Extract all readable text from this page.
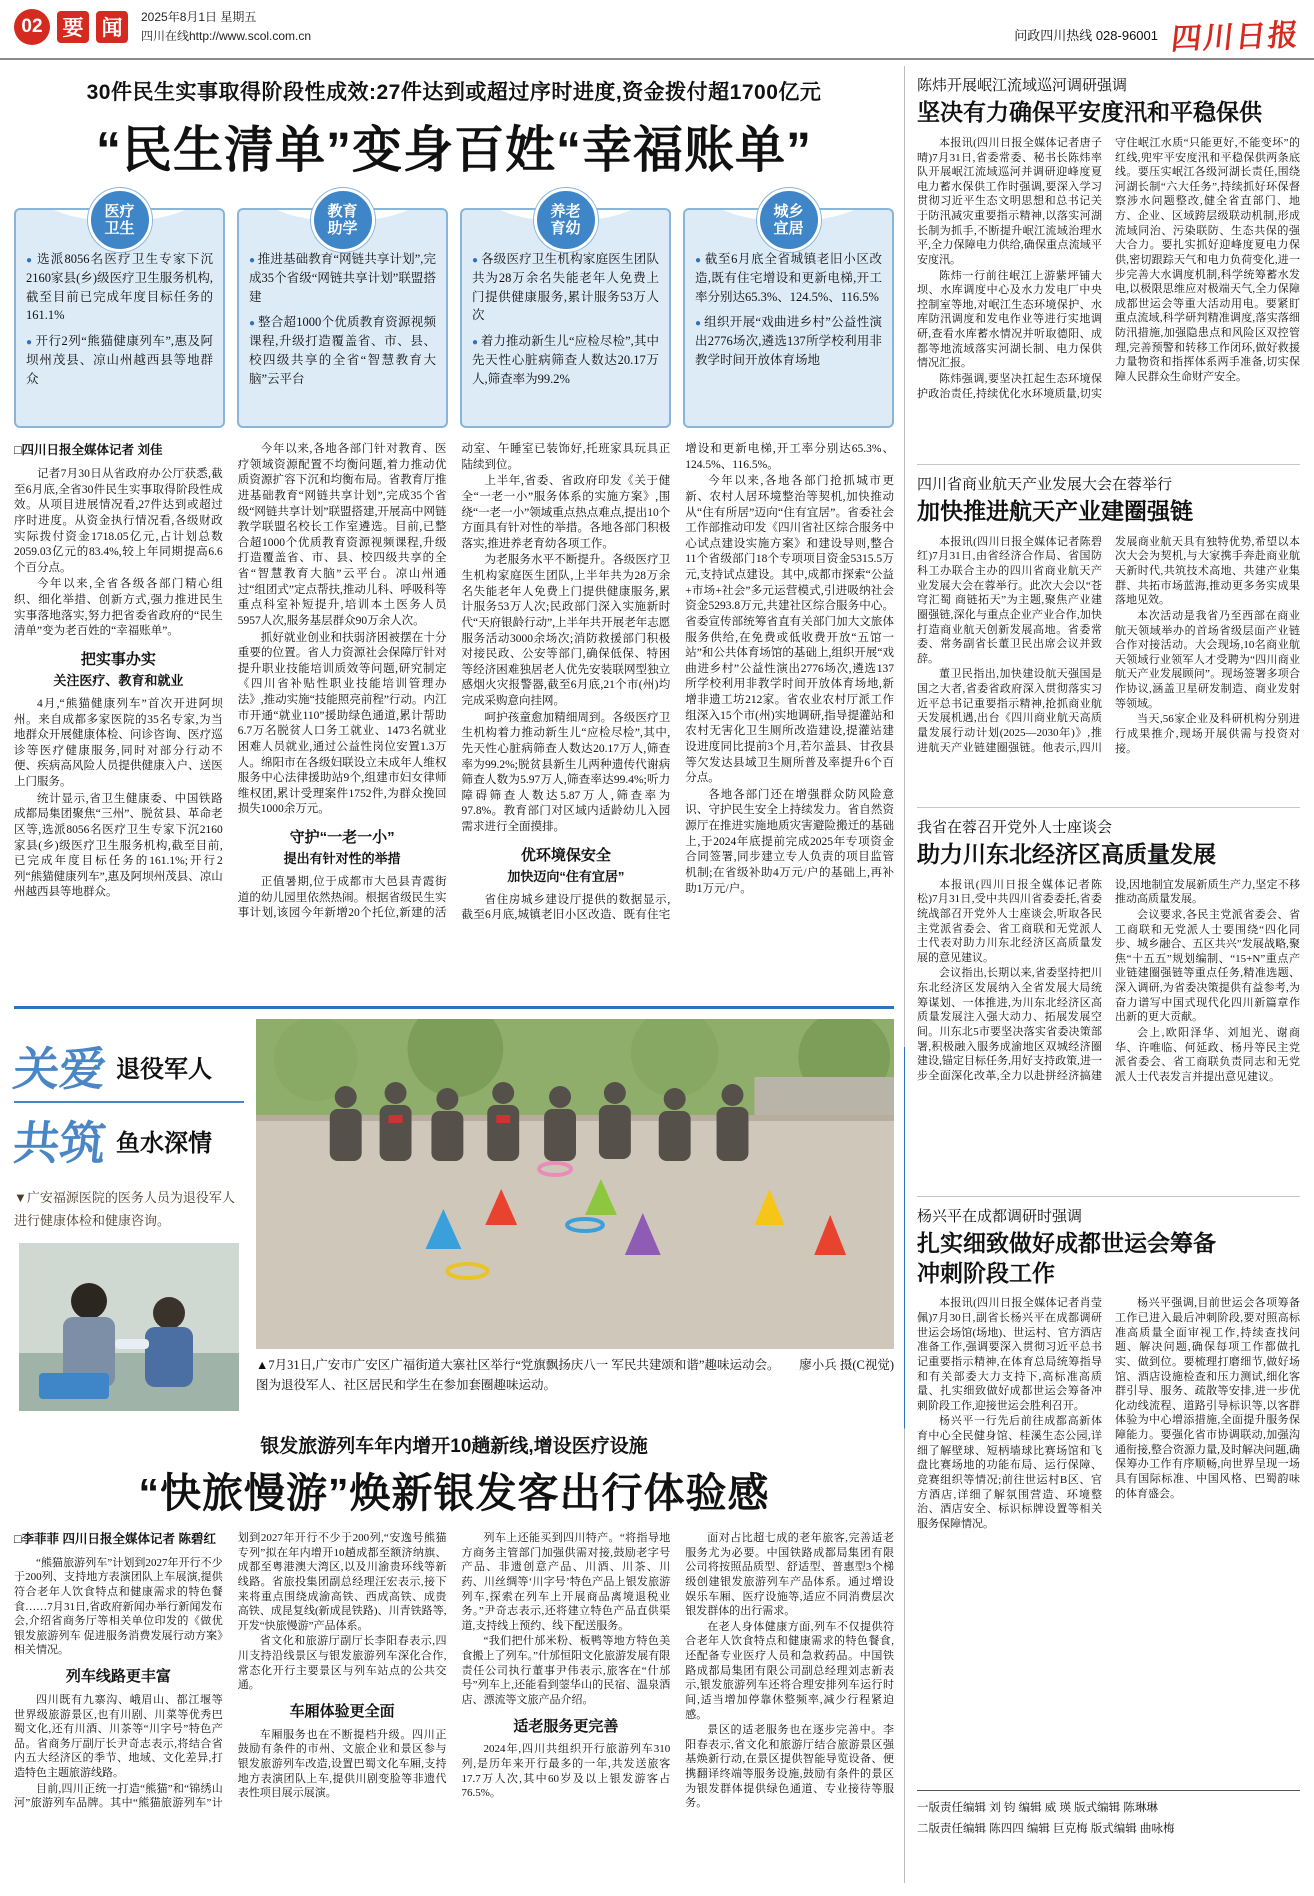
02 要 闻	2025年8月1日 星期五
四川在线http://www.scol.com.cn	问政四川热线 028-96001 四川日报
30件民生实事取得阶段性成效:27件达到或超过序时进度,资金拨付超1700亿元
“民生清单”变身百姓“幸福账单”
医疗
卫生
● 选派8056名医疗卫生专家下沉2160家县(乡)级医疗卫生服务机构,截至目前已完成年度目标任务的161.1%
● 开行2列“熊猫健康列车”,惠及阿坝州茂县、凉山州越西县等地群众
教育
助学
● 推进基础教育“网链共享计划”,完成35个省级“网链共享计划”联盟搭建
● 整合超1000个优质教育资源视频课程,升级打造覆盖省、市、县、校四级共享的全省“智慧教育大脑”云平台
养老
育幼
● 各级医疗卫生机构家庭医生团队共为28万余名失能老年人免费上门提供健康服务,累计服务53万人次
● 着力推动新生儿“应检尽检”,其中先天性心脏病筛查人数达20.17万人,筛查率为99.2%
城乡
宜居
● 截至6月底全省城镇老旧小区改造,既有住宅增设和更新电梯,开工率分别达65.3%、124.5%、116.5%
● 组织开展“戏曲进乡村”公益性演出2776场次,遴选137所学校利用非教学时间开放体育场地

□四川日报全媒体记者 刘佳

记者7月30日从省政府办公厅获悉,截至6月底,全省30件民生实事取得阶段性成效。从项目进展情况看,27件达到或超过序时进度。从资金执行情况看,各级财政实际拨付资金1718.05亿元,占计划总数2059.03亿元的83.4%,较上年同期提高6.6个百分点。

今年以来,全省各级各部门精心组织、细化举措、创新方式,强力推进民生实事落地落实,努力把省委省政府的“民生清单”变为老百姓的“幸福账单”。

把实事办实
关注医疗、教育和就业

4月,“熊猫健康列车”首次开进阿坝州。来自成都多家医院的35名专家,为当地群众开展健康体检、问诊咨询、医疗巡诊等医疗健康服务,同时对部分行动不便、疾病高风险人员提供健康入户、送医上门服务。

统计显示,省卫生健康委、中国铁路成都局集团聚焦“三州”、脱贫县、革命老区等,选派8056名医疗卫生专家下沉2160家县(乡)级医疗卫生服务机构,截至目前,已完成年度目标任务的161.1%;开行2列“熊猫健康列车”,惠及阿坝州茂县、凉山州越西县等地群众。

今年以来,各地各部门针对教育、医疗领域资源配置不均衡问题,着力推动优质资源扩容下沉和均衡布局。省教育厅推进基础教育“网链共享计划”,完成35个省级“网链共享计划”联盟搭建,开展高中网链教学联盟名校长工作室遴选。目前,已整合超1000个优质教育资源视频课程,升级打造覆盖省、市、县、校四级共享的全省“智慧教育大脑”云平台。凉山州通过“组团式”定点帮扶,推动儿科、呼吸科等重点科室补短提升,培训本土医务人员5957人次,服务基层群众90万余人次。

抓好就业创业和扶弱济困被摆在十分重要的位置。省人力资源社会保障厅针对提升职业技能培训质效等问题,研究制定《四川省补贴性职业技能培训管理办法》,推动实施“技能照亮前程”行动。内江市开通“就业110”援助绿色通道,累计帮助6.7万名脱贫人口务工就业、1473名就业困难人员就业,通过公益性岗位安置1.3万人。绵阳市在各级妇联设立未成年人维权服务中心法律援助站9个,组建市妇女律师维权团,累计受理案件1752件,为群众挽回损失1000余万元。

守护“一老一小”
提出有针对性的举措

正值暑期,位于成都市大邑县青霞街道的幼儿园里依然热闹。根据省级民生实事计划,该园今年新增20个托位,新建的活动室、午睡室已装饰好,托班家具玩具正陆续到位。

上半年,省委、省政府印发《关于健全“一老一小”服务体系的实施方案》,围绕“一老一小”领域重点热点难点,提出10个方面具有针对性的举措。各地各部门积极落实,推进养老育幼各项工作。

为老服务水平不断提升。各级医疗卫生机构家庭医生团队,上半年共为28万余名失能老年人免费上门提供健康服务,累计服务53万人次;民政部门深入实施新时代“天府银龄行动”,上半年共开展老年志愿服务活动3000余场次;消防救援部门积极对接民政、公安等部门,确保低保、特困等经济困难独居老人优先安装联网型独立感烟火灾报警器,截至6月底,21个市(州)均完成采购意向挂网。

呵护孩童愈加精细周到。各级医疗卫生机构着力推动新生儿“应检尽检”,其中,先天性心脏病筛查人数达20.17万人,筛查率为99.2%;脱贫县新生儿两种遗传代谢病筛查人数为5.97万人,筛查率达99.4%;听力障碍筛查人数达5.87万人,筛查率为97.8%。教育部门对区域内适龄幼儿入园需求进行全面摸排。

优环境保安全
加快迈向“住有宜居”

省住房城乡建设厅提供的数据显示,截至6月底,城镇老旧小区改造、既有住宅增设和更新电梯,开工率分别达65.3%、124.5%、116.5%。

今年以来,各地各部门抢抓城市更新、农村人居环境整治等契机,加快推动从“住有所居”迈向“住有宜居”。省委社会工作部推动印发《四川省社区综合服务中心试点建设实施方案》和建设导则,整合11个省级部门18个专项项目资金5315.5万元,支持试点建设。其中,成都市探索“公益+市场+社会”多元运营模式,引进吸纳社会资金5293.8万元,共建社区综合服务中心。省委宣传部统筹省直有关部门加大文旅体服务供给,在免费或低收费开放“五馆一站”和公共体育场馆的基础上,组织开展“戏曲进乡村”公益性演出2776场次,遴选137所学校利用非教学时间开放体育场地,新增非遗工坊212家。省农业农村厅派工作组深入15个市(州)实地调研,指导提灌站和农村无害化卫生厕所改造建设,提灌站建设进度同比提前3个月,若尔盖县、甘孜县等欠发达县域卫生厕所普及率提升6个百分点。

各地各部门还在增强群众防风险意识、守护民生安全上持续发力。省自然资源厅在推进实施地质灾害避险搬迁的基础上,于2024年底提前完成2025年专项资金合同签署,同步建立专人负责的项目监管机制;在省级补助4万元/户的基础上,再补助1万元/户。

关爱 退役军人
共筑 鱼水深情
▼广安福源医院的医务人员为退役军人进行健康体检和健康咨询。
▲7月31日,广安市广安区广福街道大寨社区举行“党旗飘扬庆八一 军民共建颂和谐”趣味运动会。 廖小兵 摄(C视觉)
图为退役军人、社区居民和学生在参加套圈趣味运动。
银发旅游列车年内增开10趟新线,增设医疗设施
“快旅慢游”焕新银发客出行体验感

□李菲菲 四川日报全媒体记者 陈碧红

“熊猫旅游列车”计划到2027年开行不少于200列、支持地方表演团队上车展演,提供符合老年人饮食特点和健康需求的特色餐食……7月31日,省政府新闻办举行新闻发布会,介绍省商务厅等相关单位印发的《做优银发旅游列车 促进服务消费发展行动方案》相关情况。

列车线路更丰富

四川既有九寨沟、峨眉山、都江堰等世界级旅游景区,也有川剧、川菜等优秀巴蜀文化,还有川酒、川茶等“川字号”特色产品。省商务厅副厅长尹奇志表示,将结合省内五大经济区的季节、地域、文化差异,打造特色主题旅游线路。

目前,四川正统一打造“熊猫”和“锦绣山河”旅游列车品牌。其中“熊猫旅游列车”计划到2027年开行不少于200列,“安逸号熊猫专列”拟在年内增开10趟成都至额济纳旗、成都至粤港澳大湾区,以及川渝贵环线等新线路。省旅投集团副总经理汪宏表示,接下来将重点围绕成渝高铁、西成高铁、成贵高铁、成昆复线(新成昆铁路)、川青铁路等,开发“快旅慢游”产品体系。

省文化和旅游厅副厅长李阳春表示,四川支持沿线景区与银发旅游列车深化合作,常态化开行主要景区与列车站点的公共交通。

车厢体验更全面

车厢服务也在不断提档升级。四川正鼓励有条件的市州、文旅企业和景区参与银发旅游列车改造,设置巴蜀文化车厢,支持地方表演团队上车,提供川剧变脸等非遗代表性项目展示展演。

列车上还能买到四川特产。“将指导地方商务主管部门加强供需对接,鼓励老字号产品、非遗创意产品、川酒、川茶、川药、川丝绸等‘川字号’特色产品上银发旅游列车,探索在列车上开展商品离境退税业务。”尹奇志表示,还将建立特色产品直供渠道,支持线上预约、线下配送服务。

“我们把什邡米粉、板鸭等地方特色美食搬上了列车。”什邡恒阳文化旅游发展有限责任公司执行董事尹伟表示,旅客在“什邡号”列车上,还能看到蓥华山的民宿、温泉酒店、漂流等文旅产品介绍。

适老服务更完善

2024年,四川共组织开行旅游列车310列,是历年来开行最多的一年,共发送旅客17.7万人次,其中60岁及以上银发游客占76.5%。

面对占比超七成的老年旅客,完善适老服务尤为必要。中国铁路成都局集团有限公司将按照品质型、舒适型、普惠型3个梯级创建银发旅游列车产品体系。通过增设娱乐车厢、医疗设施等,适应不同消费层次银发群体的出行需求。

在老人身体健康方面,列车不仅提供符合老年人饮食特点和健康需求的特色餐食,还配备专业医疗人员和急救药品。中国铁路成都局集团有限公司副总经理刘志新表示,银发旅游列车还将合理安排列车运行时间,适当增加停靠休整频率,减少行程紧迫感。

景区的适老服务也在逐步完善中。李阳春表示,省文化和旅游厅结合旅游景区强基焕新行动,在景区提供智能导览设备、便携翻译终端等服务设施,鼓励有条件的景区为银发群体提供绿色通道、专业接待等服务。

陈炜开展岷江流域巡河调研强调
坚决有力确保平安度汛和平稳保供

本报讯(四川日报全媒体记者唐子晴)7月31日,省委常委、秘书长陈炜率队开展岷江流域巡河并调研迎峰度夏电力蓄水保供工作时强调,要深入学习贯彻习近平生态文明思想和总书记关于防汛减灾重要指示精神,以落实河湖长制为抓手,不断提升岷江流域治理水平,全力保障电力供给,确保重点流域平安度汛。

陈炜一行前往岷江上游紫坪铺大坝、水库调度中心及水力发电厂中央控制室等地,对岷江生态环境保护、水库防汛调度和发电作业等进行实地调研,查看水库蓄水情况并听取德阳、成都等地流域落实河湖长制、电力保供情况汇报。

陈炜强调,要坚决扛起生态环境保护政治责任,持续优化水环境质量,切实守住岷江水质“只能更好,不能变坏”的红线,兜牢平安度汛和平稳保供两条底线。要压实岷江各级河湖长责任,围绕河湖长制“六大任务”,持续抓好环保督察涉水问题整改,健全省直部门、地方、企业、区域跨层级联动机制,形成流域同治、污染联防、生态共保的强大合力。要扎实抓好迎峰度夏电力保供,密切跟踪天气和电力负荷变化,进一步完善大水调度机制,科学统筹蓄水发电,以极限思维应对极端天气,全力保障成都世运会等重大活动用电。要紧盯重点流域,科学研判精准调度,落实落细防汛措施,加强隐患点和风险区双控管理,完善预警和转移工作闭环,做好救援力量物资和指挥体系两手准备,切实保障人民群众生命财产安全。

四川省商业航天产业发展大会在蓉举行
加快推进航天产业建圈强链

本报讯(四川日报全媒体记者陈碧红)7月31日,由省经济合作局、省国防科工办联合主办的四川省商业航天产业发展大会在蓉举行。此次大会以“苍穹汇蜀 商链拓天”为主题,聚焦产业建圈强链,深化与重点企业产业合作,加快打造商业航天创新发展高地。省委常委、常务副省长董卫民出席会议并致辞。

董卫民指出,加快建设航天强国是国之大者,省委省政府深入贯彻落实习近平总书记重要指示精神,抢抓商业航天发展机遇,出台《四川商业航天高质量发展行动计划(2025—2030年)》,推进航天产业链建圈强链。他表示,四川发展商业航天具有独特优势,希望以本次大会为契机,与大家携手奔赴商业航天新时代,共筑技术高地、共建产业集群、共拓市场蓝海,推动更多务实成果落地见效。

本次活动是我省乃至西部在商业航天领域举办的首场省级层面产业链合作对接活动。大会现场,10名商业航天领域行业领军人才受聘为“四川商业航天产业发展顾问”。现场签署多项合作协议,涵盖卫星研发制造、商业发射等领域。

当天,56家企业及科研机构分别进行成果推介,现场开展供需与投资对接。

我省在蓉召开党外人士座谈会
助力川东北经济区高质量发展

本报讯(四川日报全媒体记者陈松)7月31日,受中共四川省委委托,省委统战部召开党外人士座谈会,听取各民主党派省委会、省工商联和无党派人士代表对助力川东北经济区高质量发展的意见建议。

会议指出,长期以来,省委坚持把川东北经济区发展纳入全省发展大局统筹谋划、一体推进,为川东北经济区高质量发展注入强大动力、拓展发展空间。川东北5市要坚决落实省委决策部署,积极融入服务成渝地区双城经济圈建设,锚定目标任务,用好支持政策,进一步全面深化改革,全力以赴拼经济搞建设,因地制宜发展新质生产力,坚定不移推动高质量发展。

会议要求,各民主党派省委会、省工商联和无党派人士要围绕“四化同步、城乡融合、五区共兴”发展战略,聚焦“十五五”规划编制、“15+N”重点产业链建圈强链等重点任务,精准选题、深入调研,为省委决策提供有益参考,为奋力谱写中国式现代化四川新篇章作出新的更大贡献。

会上,欧阳泽华、刘旭光、谢商华、许唯临、何延政、杨丹等民主党派省委会、省工商联负责同志和无党派人士代表发言并提出意见建议。

杨兴平在成都调研时强调
扎实细致做好成都世运会筹备冲刺阶段工作

本报讯(四川日报全媒体记者肖莹佩)7月30日,副省长杨兴平在成都调研世运会场馆(场地)、世运村、官方酒店准备工作,强调要深入贯彻习近平总书记重要指示精神,在体育总局统筹指导和有关部委大力支持下,高标准高质量、扎实细致做好成都世运会筹备冲刺阶段工作,迎接世运会胜利召开。

杨兴平一行先后前往成都高新体育中心全民健身馆、桂溪生态公园,详细了解壁球、短柄墙球比赛场馆和飞盘比赛场地的功能布局、运行保障、竞赛组织等情况;前往世运村B区、官方酒店,详细了解氛围营造、环境整治、酒店安全、标识标牌设置等相关服务保障情况。

杨兴平强调,目前世运会各项筹备工作已进入最后冲刺阶段,要对照高标准高质量全面审视工作,持续查找问题、解决问题,确保每项工作都做扎实、做到位。要梳理打磨细节,做好场馆、酒店设施检查和压力测试,细化客群引导、服务、疏散等安排,进一步优化动线流程、道路引导标识等,以客群体验为中心增添措施,全面提升服务保障能力。要强化省市协调联动,加强沟通衔接,整合资源力量,及时解决问题,确保筹办工作有序顺畅,向世界呈现一场具有国际标准、中国风格、巴蜀韵味的体育盛会。

一版责任编辑 刘 钧 编辑 威 瑛 版式编辑 陈琳琳
二版责任编辑 陈四四 编辑 巨克梅 版式编辑 曲咏梅
